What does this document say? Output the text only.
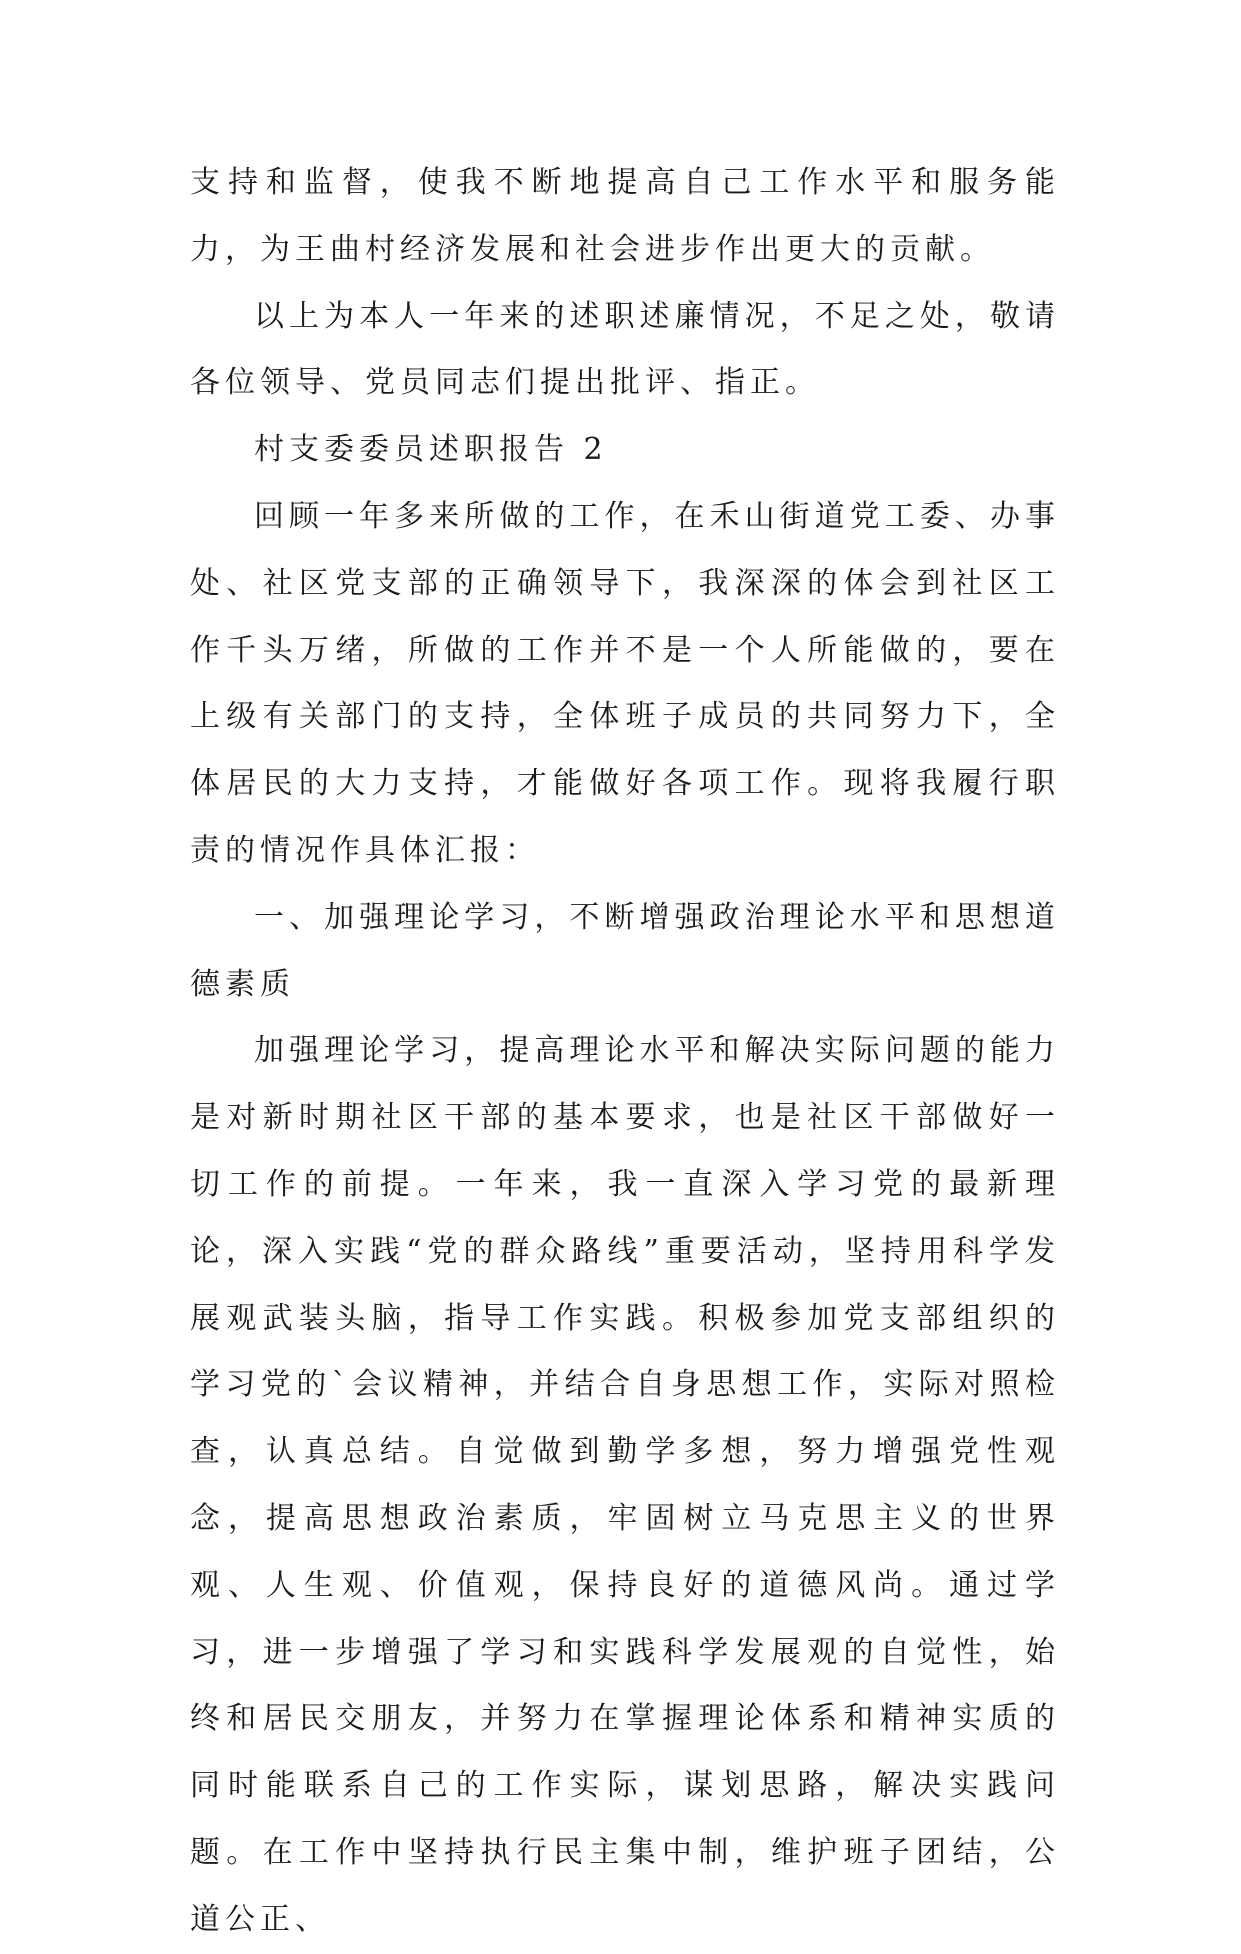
支持和监督，使我不断地提高自己工作水平和服务能力，为王曲村经济发展和社会进步作出更大的贡献。

以上为本人一年来的述职述廉情况，不足之处，敬请各位领导、党员同志们提出批评、指正。

村支委委员述职报告 2

回顾一年多来所做的工作，在禾山街道党工委、办事处、社区党支部的正确领导下，我深深的体会到社区工作千头万绪，所做的工作并不是一个人所能做的，要在上级有关部门的支持，全体班子成员的共同努力下，全体居民的大力支持，才能做好各项工作。现将我履行职责的情况作具体汇报：

一、加强理论学习，不断增强政治理论水平和思想道德素质

加强理论学习，提高理论水平和解决实际问题的能力是对新时期社区干部的基本要求，也是社区干部做好一切工作的前提。一年来，我一直深入学习党的最新理论，深入实践“党的群众路线”重要活动，坚持用科学发展观武装头脑，指导工作实践。积极参加党支部组织的学习党的`会议精神，并结合自身思想工作，实际对照检查，认真总结。自觉做到勤学多想，努力增强党性观念，提高思想政治素质，牢固树立马克思主义的世界观、人生观、价值观，保持良好的道德风尚。通过学习，进一步增强了学习和实践科学发展观的自觉性，始终和居民交朋友，并努力在掌握理论体系和精神实质的同时能联系自己的工作实际，谋划思路，解决实践问题。在工作中坚持执行民主集中制，维护班子团结，公道公正、
